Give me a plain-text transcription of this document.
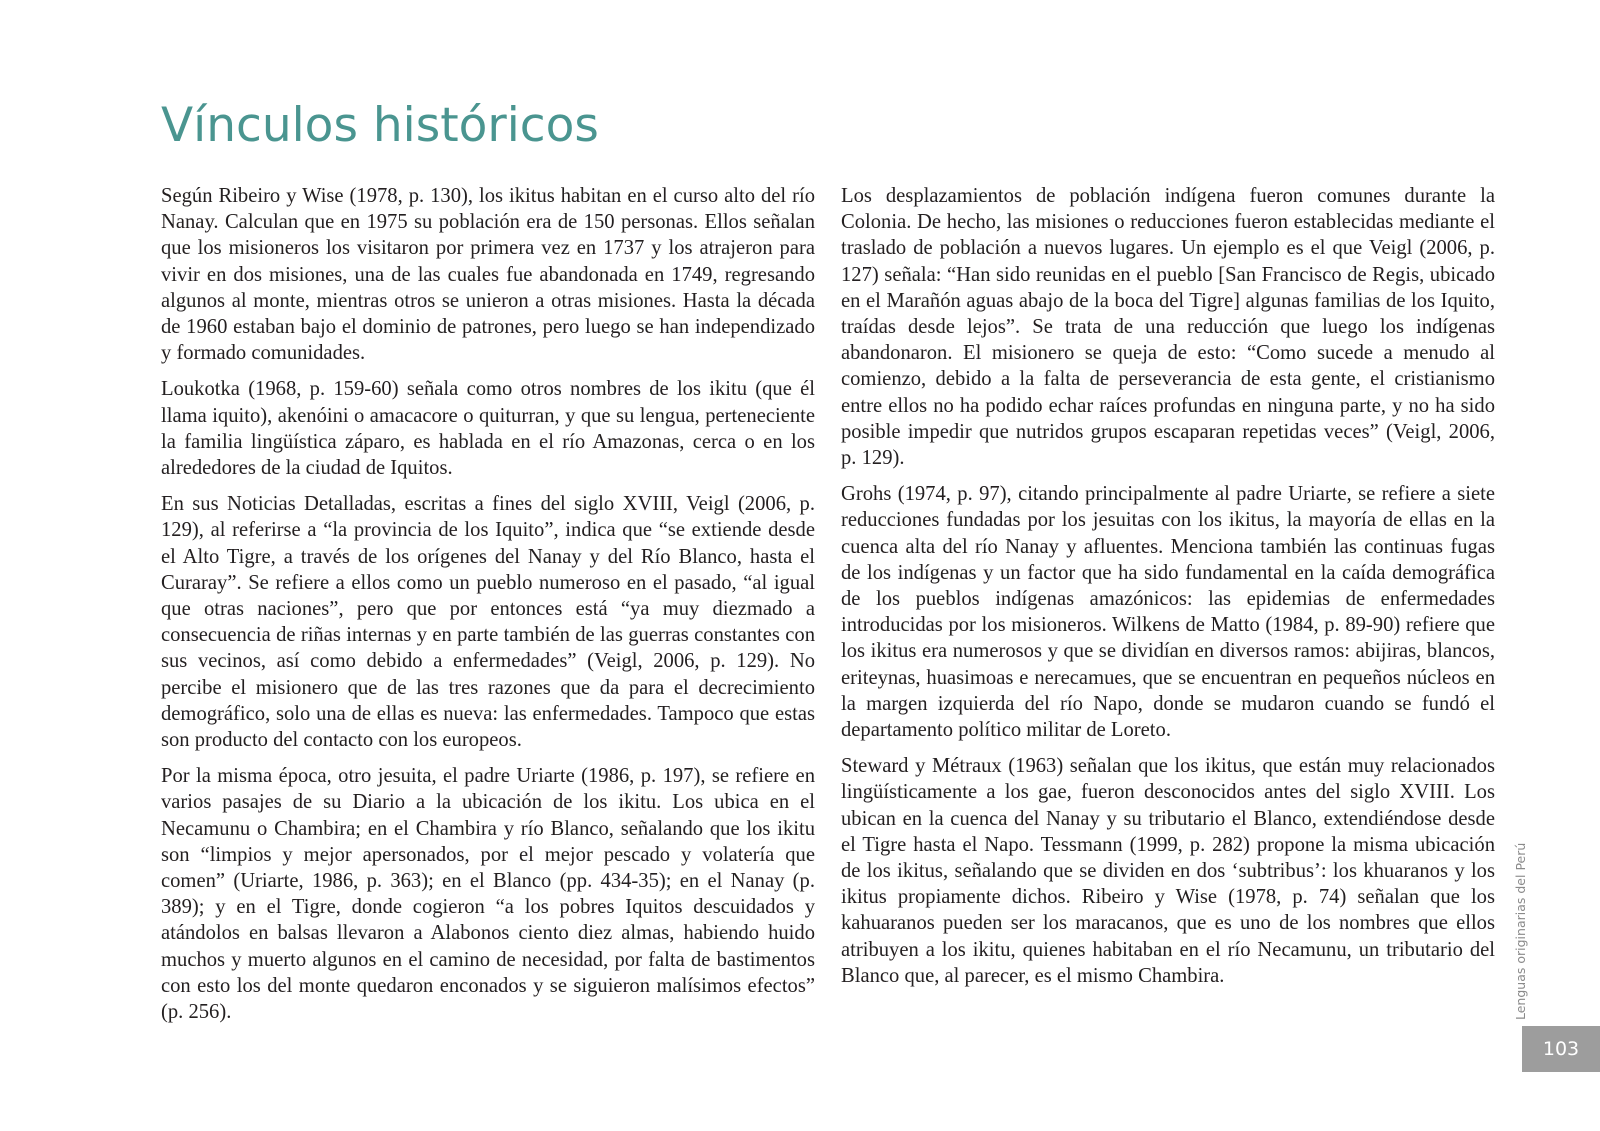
Vínculos históricos

Según Ribeiro y Wise (1978, p. 130), los ikitus habitan en el curso alto del río Nanay. Calculan que en 1975 su población era de 150 personas. Ellos señalan que los misioneros los visitaron por primera vez en 1737 y los atrajeron para vivir en dos misiones, una de las cuales fue abandonada en 1749, regresando algunos al monte, mientras otros se unieron a otras misiones. Hasta la década de 1960 estaban bajo el dominio de patrones, pero luego se han independizado y formado comunidades.

Loukotka (1968, p. 159-60) señala como otros nombres de los ikitu (que él llama iquito), akenóini o amacacore o quiturran, y que su lengua, perteneciente la familia lingüística záparo, es hablada en el río Amazonas, cerca o en los alrededores de la ciudad de Iquitos.

En sus Noticias Detalladas, escritas a fines del siglo XVIII, Veigl (2006, p. 129), al referirse a “la provincia de los Iquito”, indica que “se extiende desde el Alto Tigre, a través de los orígenes del Nanay y del Río Blanco, hasta el Curaray”. Se refiere a ellos como un pueblo numeroso en el pasado, “al igual que otras naciones”, pero que por entonces está “ya muy diezmado a consecuencia de riñas internas y en parte también de las guerras constantes con sus vecinos, así como debido a enfermedades” (Veigl, 2006, p. 129). No percibe el misionero que de las tres razones que da para el decrecimiento demográfico, solo una de ellas es nueva: las enfermedades. Tampoco que estas son producto del contacto con los europeos.

Por la misma época, otro jesuita, el padre Uriarte (1986, p. 197), se refiere en varios pasajes de su Diario a la ubicación de los ikitu. Los ubica en el Necamunu o Chambira; en el Chambira y río Blanco, señalando que los ikitu son “limpios y mejor apersonados, por el mejor pescado y volatería que comen” (Uriarte, 1986, p. 363); en el Blanco (pp. 434-35); en el Nanay (p. 389); y en el Tigre, donde cogieron “a los pobres Iquitos descuidados y atándolos en balsas llevaron a Alabonos ciento diez almas, habiendo huido muchos y muerto algunos en el camino de necesidad, por falta de bastimentos con esto los del monte quedaron enconados y se siguieron malísimos efectos” (p. 256).

Los desplazamientos de población indígena fueron comunes durante la Colonia. De hecho, las misiones o reducciones fueron establecidas mediante el traslado de población a nuevos lugares. Un ejemplo es el que Veigl (2006, p. 127) señala: “Han sido reunidas en el pueblo [San Francisco de Regis, ubicado en el Marañón aguas abajo de la boca del Tigre] algunas familias de los Iquito, traídas desde lejos”. Se trata de una reducción que luego los indígenas abandonaron. El misionero se queja de esto: “Como sucede a menudo al comienzo, debido a la falta de perseverancia de esta gente, el cristianismo entre ellos no ha podido echar raíces profundas en ninguna parte, y no ha sido posible impedir que nutridos grupos escaparan repetidas veces” (Veigl, 2006, p. 129).

Grohs (1974, p. 97), citando principalmente al padre Uriarte, se refiere a siete reducciones fundadas por los jesuitas con los ikitus, la mayoría de ellas en la cuenca alta del río Nanay y afluentes. Menciona también las continuas fugas de los indígenas y un factor que ha sido fundamental en la caída demográfica de los pueblos indígenas amazónicos: las epidemias de enfermedades introducidas por los misioneros. Wilkens de Matto (1984, p. 89-90) refiere que los ikitus era numerosos y que se dividían en diversos ramos: abijiras, blancos, eriteynas, huasimoas e nerecamues, que se encuentran en pequeños núcleos en la margen izquierda del río Napo, donde se mudaron cuando se fundó el departamento político militar de Loreto.

Steward y Métraux (1963) señalan que los ikitus, que están muy relacionados lingüísticamente a los gae, fueron desconocidos antes del siglo XVIII. Los ubican en la cuenca del Nanay y su tributario el Blanco, extendiéndose desde el Tigre hasta el Napo. Tessmann (1999, p. 282) propone la misma ubicación de los ikitus, señalando que se dividen en dos ‘subtribus’: los khuaranos y los ikitus propiamente dichos. Ribeiro y Wise (1978, p. 74) señalan que los kahuaranos pueden ser los maracanos, que es uno de los nombres que ellos atribuyen a los ikitu, quienes habitaban en el río Necamunu, un tributario del Blanco que, al parecer, es el mismo Chambira.	Lenguas originarias del Perú
103
